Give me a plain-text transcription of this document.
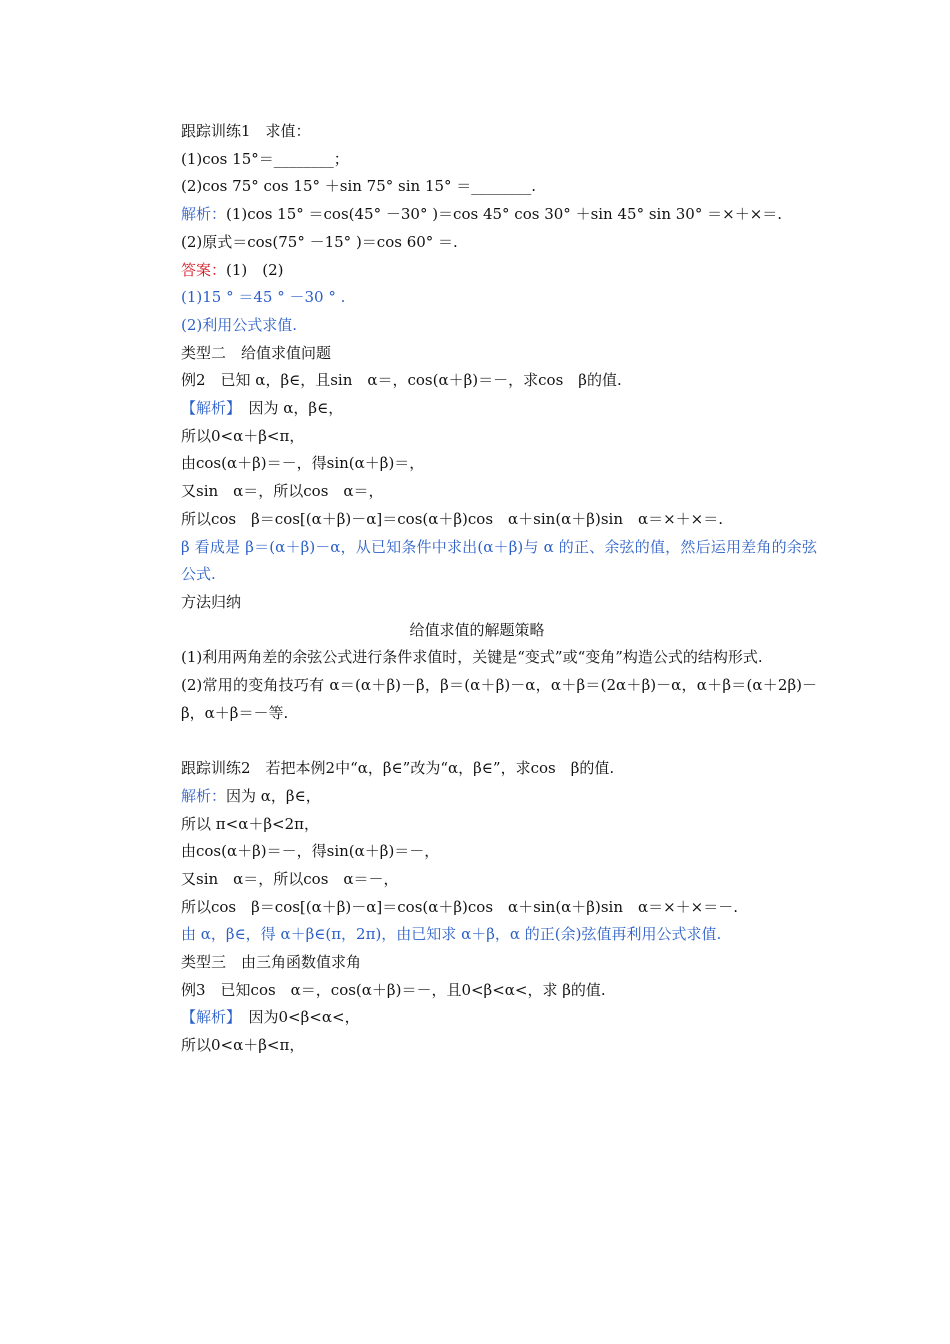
跟踪训练1　求值：
(1)cos 15°＝________；
(2)cos 75° cos 15° ＋sin 75° sin 15° ＝________.
解析：(1)cos 15° ＝cos(45° －30° )＝cos 45° cos 30° ＋sin 45° sin 30° ＝×＋×＝.
(2)原式＝cos(75° －15° )＝cos 60° ＝.
答案：(1)　(2)
(1)15 ° ＝45 ° －30 ° .
(2)利用公式求值.
类型二　给值求值问题
例2　已知 α，β∈，且sin　α＝，cos(α＋β)＝－，求cos　β的值.
【解析】　因为 α，β∈，
所以0<α＋β<π，
由cos(α＋β)＝－，得sin(α＋β)＝，
又sin　α＝，所以cos　α＝，
所以cos　β＝cos[(α＋β)－α]＝cos(α＋β)cos　α＋sin(α＋β)sin　α＝×＋×＝.
β 看成是 β＝(α＋β)－α，从已知条件中求出(α＋β)与 α 的正、余弦的值，然后运用差角的余弦公式.
方法归纳
给值求值的解题策略
(1)利用两角差的余弦公式进行条件求值时，关键是“变式”或“变角”构造公式的结构形式.
(2)常用的变角技巧有 α＝(α＋β)－β，β＝(α＋β)－α，α＋β＝(2α＋β)－α，α＋β＝(α＋2β)－β，α＋β＝－等.
跟踪训练2　若把本例2中“α，β∈”改为“α，β∈”，求cos　β的值.
解析：因为 α，β∈，
所以 π<α＋β<2π，
由cos(α＋β)＝－，得sin(α＋β)＝－，
又sin　α＝，所以cos　α＝－，
所以cos　β＝cos[(α＋β)－α]＝cos(α＋β)cos　α＋sin(α＋β)sin　α＝×＋×＝－.
由 α，β∈，得 α＋β∈(π，2π)，由已知求 α＋β，α 的正(余)弦值再利用公式求值.
类型三　由三角函数值求角
例3　已知cos　α＝，cos(α＋β)＝－，且0<β<α<，求 β的值.
【解析】　因为0<β<α<，
所以0<α＋β<π，
